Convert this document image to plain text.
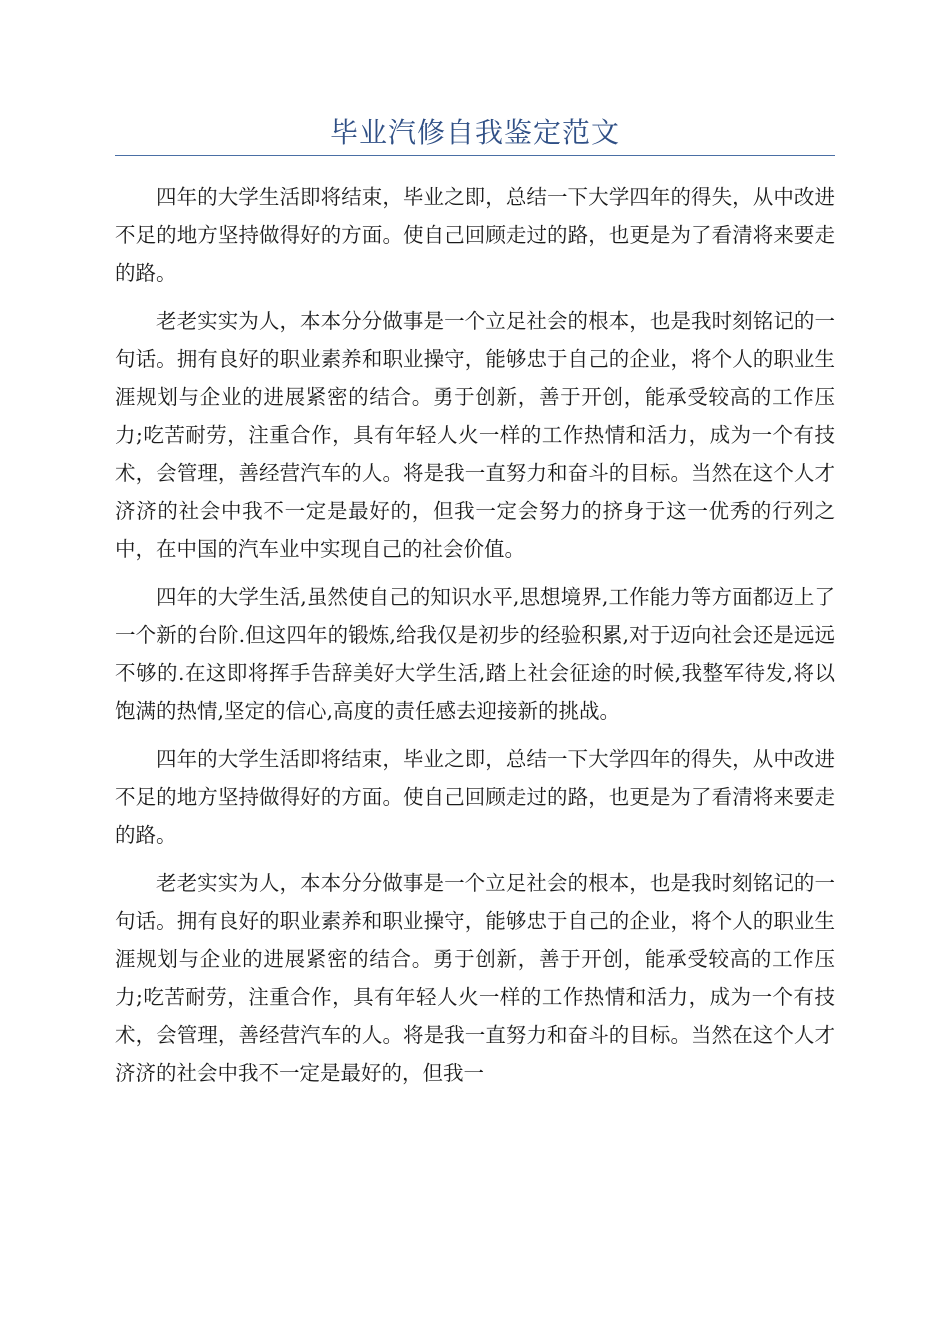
毕业汽修自我鉴定范文

四年的大学生活即将结束，毕业之即，总结一下大学四年的得失，从中改进不足的地方坚持做得好的方面。使自己回顾走过的路，也更是为了看清将来要走的路。

老老实实为人，本本分分做事是一个立足社会的根本，也是我时刻铭记的一句话。拥有良好的职业素养和职业操守，能够忠于自己的企业，将个人的职业生涯规划与企业的进展紧密的结合。勇于创新，善于开创，能承受较高的工作压力;吃苦耐劳，注重合作，具有年轻人火一样的工作热情和活力，成为一个有技术，会管理，善经营汽车的人。将是我一直努力和奋斗的目标。当然在这个人才济济的社会中我不一定是最好的，但我一定会努力的挤身于这一优秀的行列之中，在中国的汽车业中实现自己的社会价值。

四年的大学生活,虽然使自己的知识水平,思想境界,工作能力等方面都迈上了一个新的台阶.但这四年的锻炼,给我仅是初步的经验积累,对于迈向社会还是远远不够的.在这即将挥手告辞美好大学生活,踏上社会征途的时候,我整军待发,将以饱满的热情,坚定的信心,高度的责任感去迎接新的挑战。

四年的大学生活即将结束，毕业之即，总结一下大学四年的得失，从中改进不足的地方坚持做得好的方面。使自己回顾走过的路，也更是为了看清将来要走的路。

老老实实为人，本本分分做事是一个立足社会的根本，也是我时刻铭记的一句话。拥有良好的职业素养和职业操守，能够忠于自己的企业，将个人的职业生涯规划与企业的进展紧密的结合。勇于创新，善于开创，能承受较高的工作压力;吃苦耐劳，注重合作，具有年轻人火一样的工作热情和活力，成为一个有技术，会管理，善经营汽车的人。将是我一直努力和奋斗的目标。当然在这个人才济济的社会中我不一定是最好的，但我一
